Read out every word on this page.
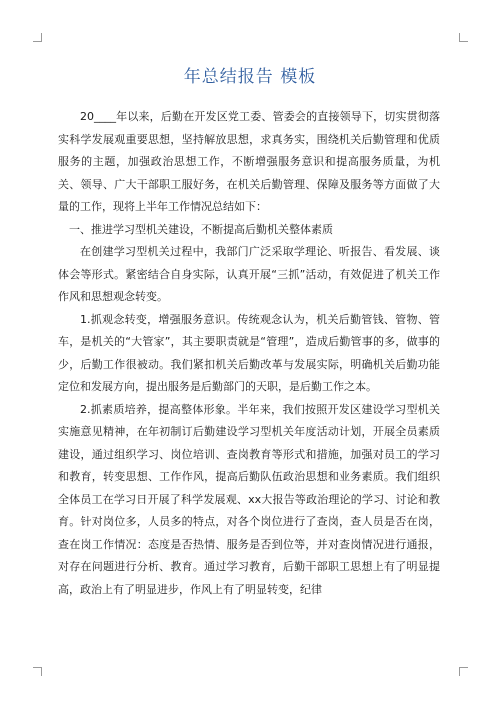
年总结报告 模板

20____年以来，后勤在开发区党工委、管委会的直接领导下，切实贯彻落实科学发展观重要思想，坚持解放思想，求真务实，围绕机关后勤管理和优质服务的主题，加强政治思想工作，不断增强服务意识和提高服务质量，为机关、领导、广大干部职工服好务，在机关后勤管理、保障及服务等方面做了大量的工作，现将上半年工作情况总结如下：

一、推进学习型机关建设，不断提高后勤机关整体素质

在创建学习型机关过程中，我部门广泛采取学理论、听报告、看发展、谈体会等形式。紧密结合自身实际，认真开展“三抓”活动，有效促进了机关工作作风和思想观念转变。

1.抓观念转变，增强服务意识。传统观念认为，机关后勤管钱、管物、管车，是机关的“大管家”，其主要职责就是“管理”，造成后勤管事的多，做事的少，后勤工作很被动。我们紧扣机关后勤改革与发展实际，明确机关后勤功能定位和发展方向，提出服务是后勤部门的天职，是后勤工作之本。

2.抓素质培养，提高整体形象。半年来，我们按照开发区建设学习型机关实施意见精神，在年初制订后勤建设学习型机关年度活动计划，开展全员素质建设，通过组织学习、岗位培训、查岗教育等形式和措施，加强对员工的学习和教育，转变思想、工作作风，提高后勤队伍政治思想和业务素质。我们组织全体员工在学习日开展了科学发展观、xx大报告等政治理论的学习、讨论和教育。针对岗位多，人员多的特点，对各个岗位进行了查岗，查人员是否在岗，查在岗工作情况：态度是否热情、服务是否到位等，并对查岗情况进行通报，对存在问题进行分析、教育。通过学习教育，后勤干部职工思想上有了明显提高，政治上有了明显进步，作风上有了明显转变，纪律
